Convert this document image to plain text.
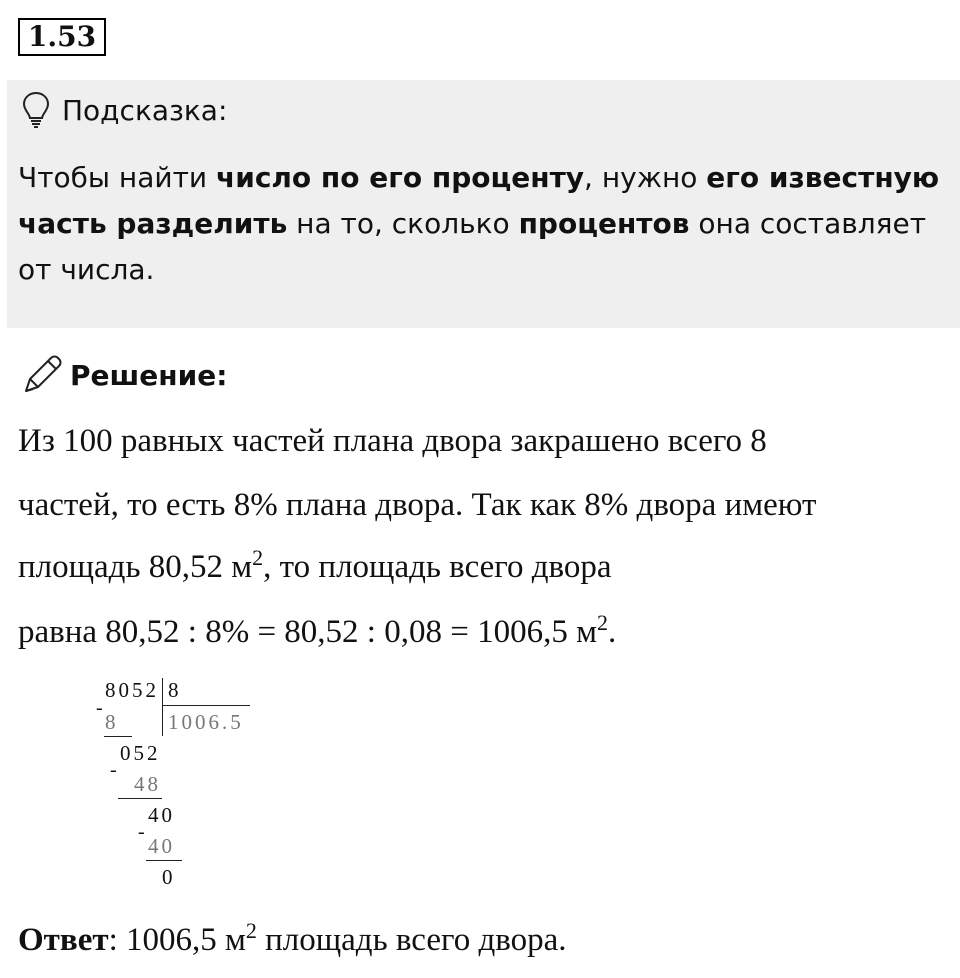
1.53
Подсказка:
Чтобы найти число по его проценту, нужно его известную часть разделить на то, сколько процентов она составляет от числа.
Решение:
Из 100 равных частей плана двора закрашено всего 8
частей, то есть 8% плана двора. Так как 8% двора имеют
площадь 80,52 $м^2$, то площадь всего двора
равна 80,52 : 8% = 80,52 : 0,08 = 1006,5 $м^2$.
8052 8
1006.5
-
8
052
-
48
40
-
40
0
Ответ: 1006,5 $м^2$ площадь всего двора.
